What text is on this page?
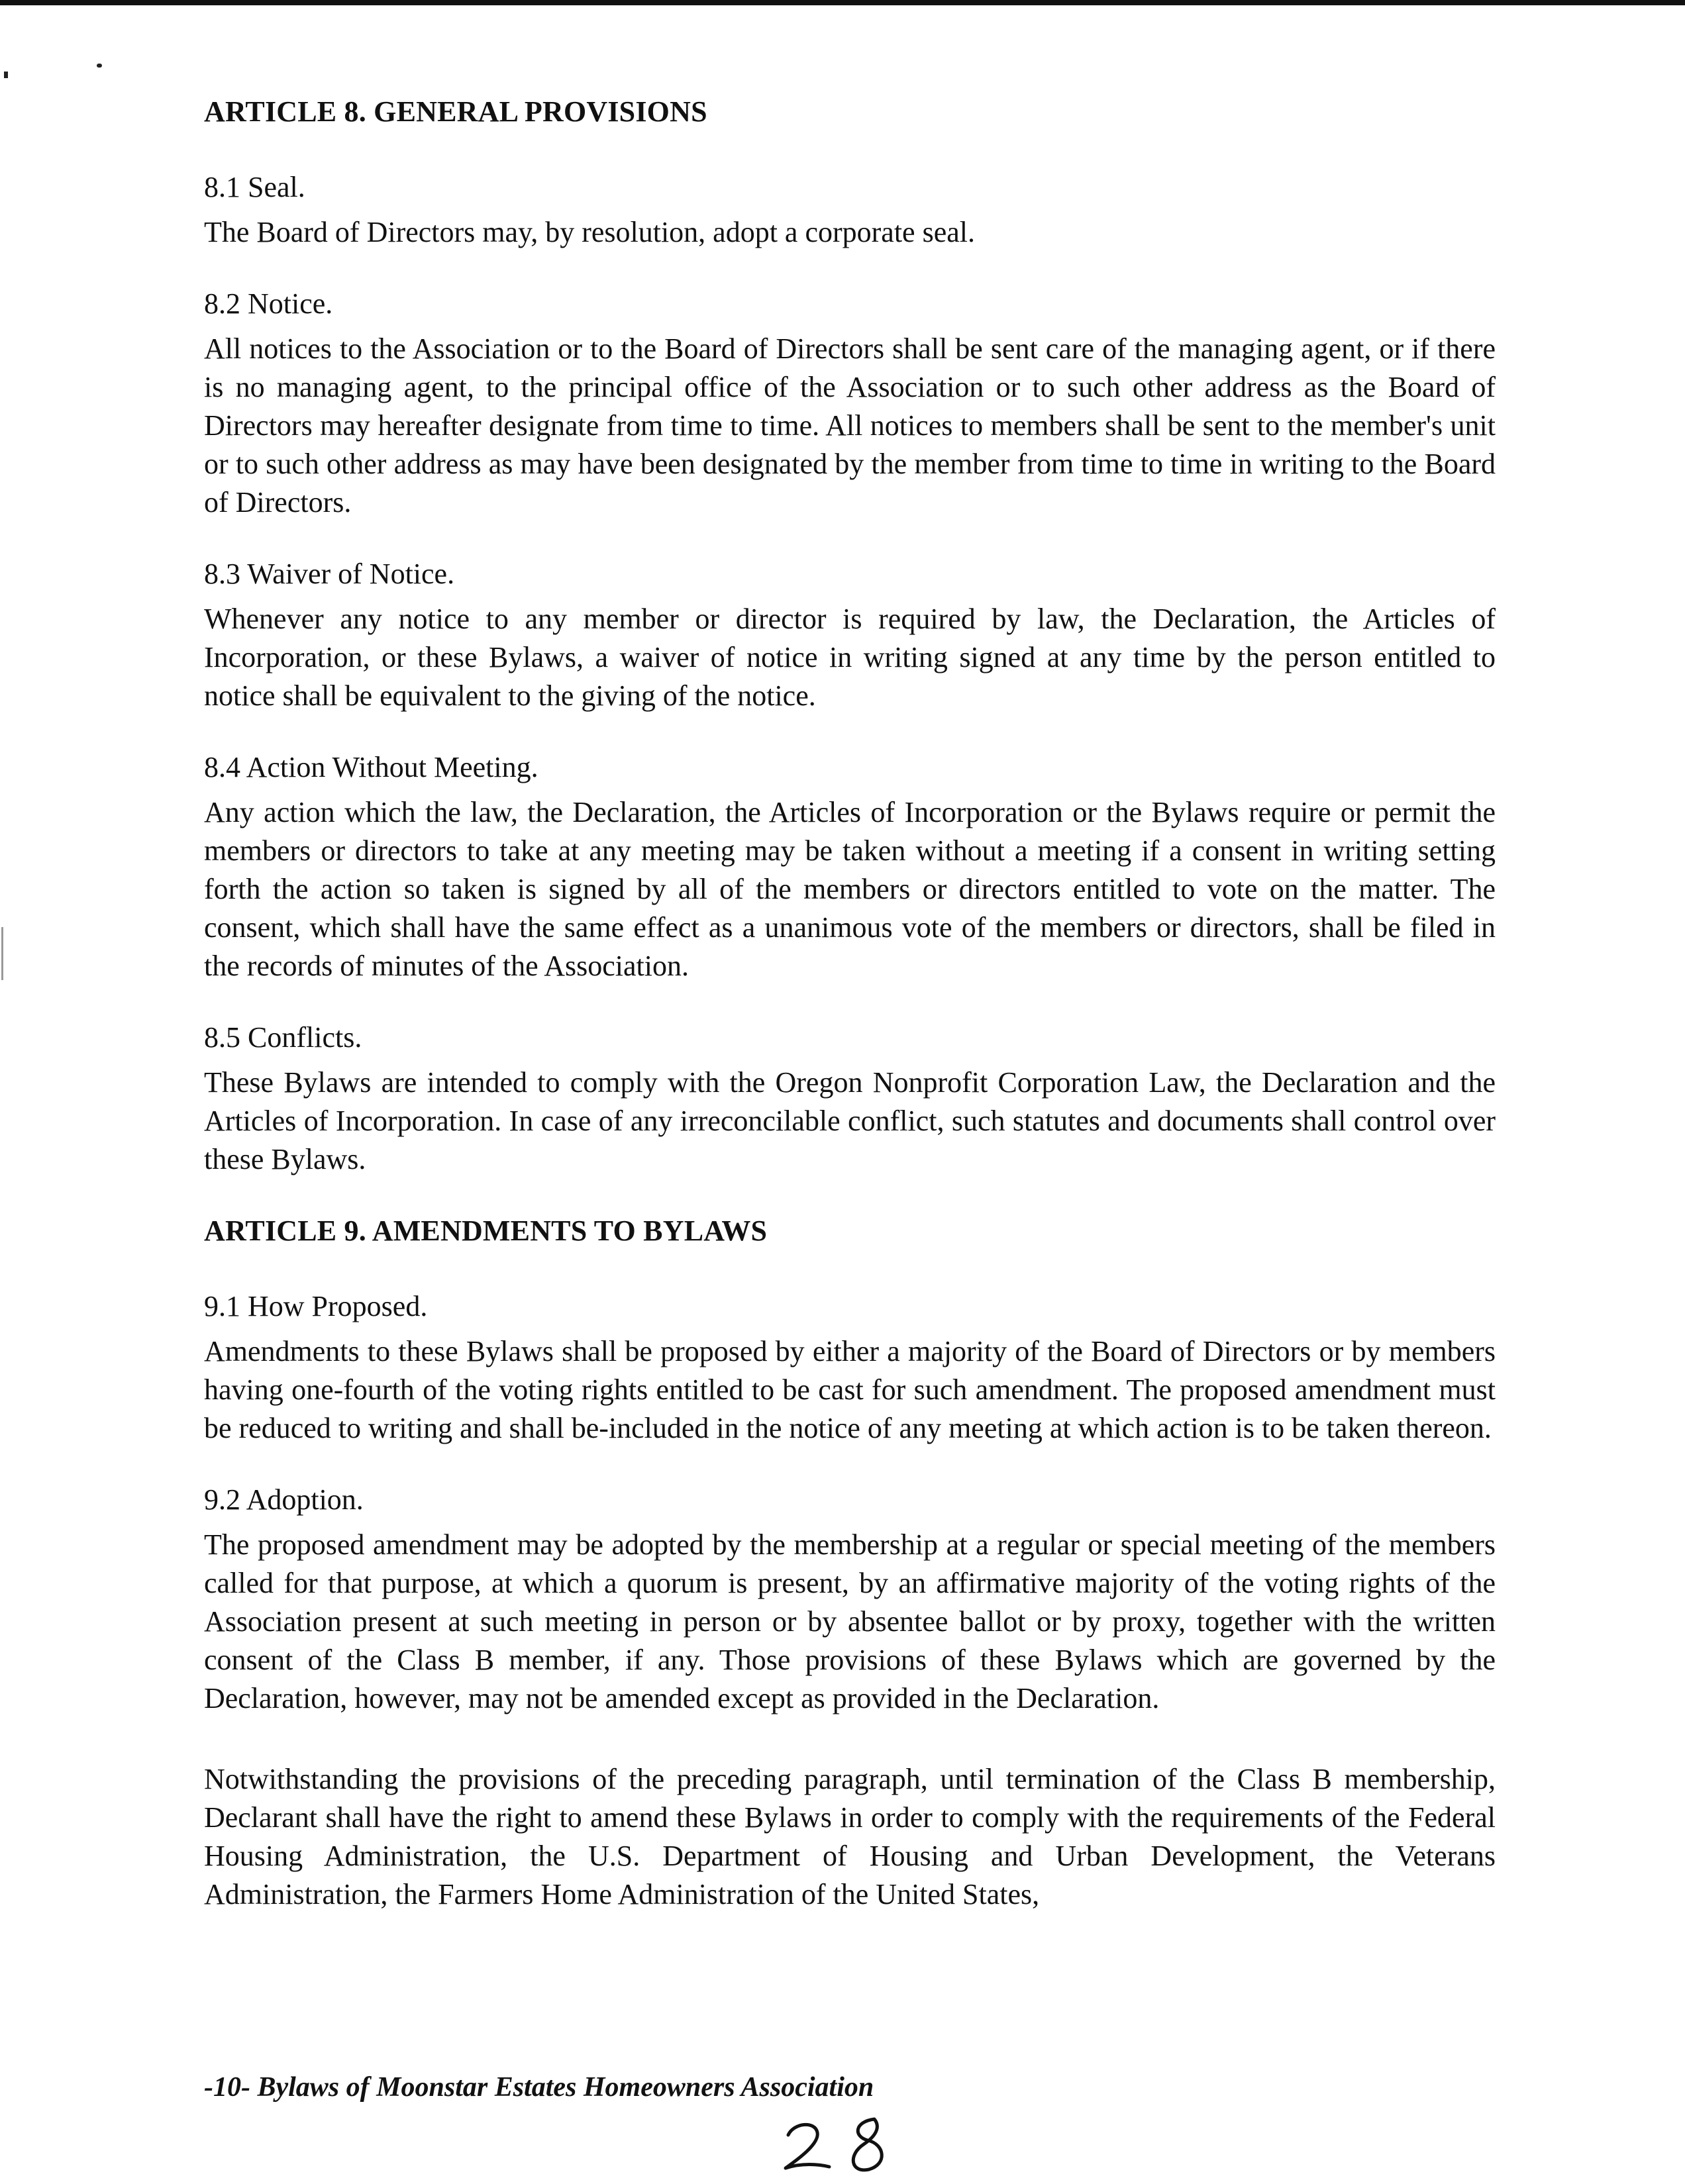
ARTICLE 8. GENERAL PROVISIONS
8.1 Seal.

The Board of Directors may, by resolution, adopt a corporate seal.

8.2 Notice.

All notices to the Association or to the Board of Directors shall be sent care of the managing agent, or if there is no managing agent, to the principal office of the Association or to such other address as the Board of Directors may hereafter designate from time to time. All notices to members shall be sent to the member's unit or to such other address as may have been designated by the member from time to time in writing to the Board of Directors.

8.3 Waiver of Notice.

Whenever any notice to any member or director is required by law, the Declaration, the Articles of Incorporation, or these Bylaws, a waiver of notice in writing signed at any time by the person entitled to notice shall be equivalent to the giving of the notice.

8.4 Action Without Meeting.

Any action which the law, the Declaration, the Articles of Incorporation or the Bylaws require or permit the members or directors to take at any meeting may be taken without a meeting if a consent in writing setting forth the action so taken is signed by all of the members or directors entitled to vote on the matter. The consent, which shall have the same effect as a unanimous vote of the members or directors, shall be filed in the records of minutes of the Association.

8.5 Conflicts.

These Bylaws are intended to comply with the Oregon Nonprofit Corporation Law, the Declaration and the Articles of Incorporation. In case of any irreconcilable conflict, such statutes and documents shall control over these Bylaws.

ARTICLE 9. AMENDMENTS TO BYLAWS
9.1 How Proposed.

Amendments to these Bylaws shall be proposed by either a majority of the Board of Directors or by members having one-fourth of the voting rights entitled to be cast for such amendment. The proposed amendment must be reduced to writing and shall be-included in the notice of any meeting at which action is to be taken thereon.

9.2 Adoption.

The proposed amendment may be adopted by the membership at a regular or special meeting of the members called for that purpose, at which a quorum is present, by an affirmative majority of the voting rights of the Association present at such meeting in person or by absentee ballot or by proxy, together with the written consent of the Class B member, if any. Those provisions of these Bylaws which are governed by the Declaration, however, may not be amended except as provided in the Declaration.

Notwithstanding the provisions of the preceding paragraph, until termination of the Class B membership, Declarant shall have the right to amend these Bylaws in order to comply with the requirements of the Federal Housing Administration, the U.S. Department of Housing and Urban Development, the Veterans Administration, the Farmers Home Administration of the United States,

-10- Bylaws of Moonstar Estates Homeowners Association
